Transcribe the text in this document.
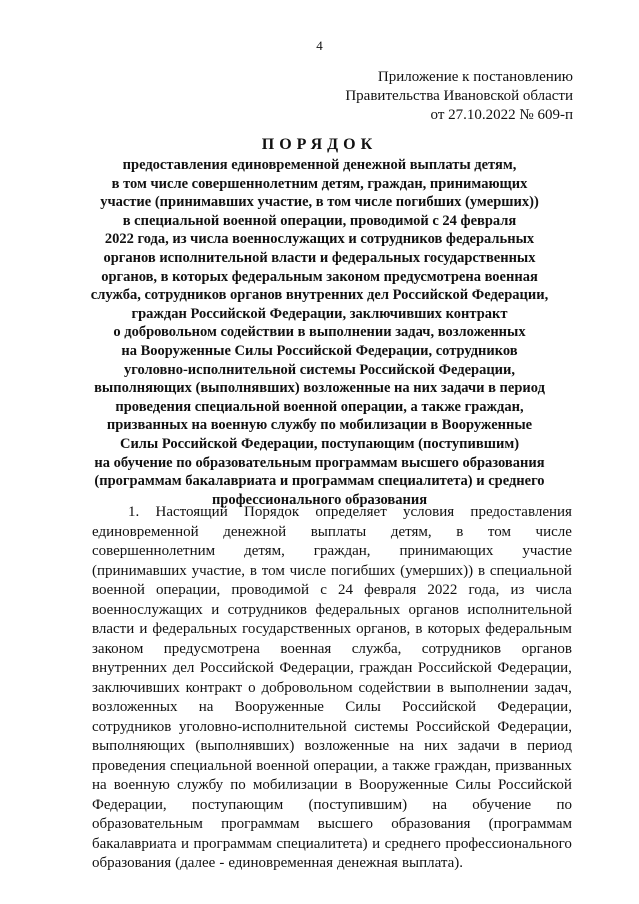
4
Приложение к постановлению
Правительства Ивановской области
от 27.10.2022 № 609-п
ПОРЯДОК
предоставления единовременной денежной выплаты детям,
в том числе совершеннолетним детям, граждан, принимающих
участие (принимавших участие, в том числе погибших (умерших))
в специальной военной операции, проводимой с 24 февраля
2022 года, из числа военнослужащих и сотрудников федеральных
органов исполнительной власти и федеральных государственных
органов, в которых федеральным законом предусмотрена военная
служба, сотрудников органов внутренних дел Российской Федерации,
граждан Российской Федерации, заключивших контракт
о добровольном содействии в выполнении задач, возложенных
на Вооруженные Силы Российской Федерации, сотрудников
уголовно-исполнительной системы Российской Федерации,
выполняющих (выполнявших) возложенные на них задачи в период
проведения специальной военной операции, а также граждан,
призванных на военную службу по мобилизации в Вооруженные
Силы Российской Федерации, поступающим (поступившим)
на обучение по образовательным программам высшего образования
(программам бакалавриата и программам специалитета) и среднего
профессионального образования
1. Настоящий Порядок определяет условия предоставления
единовременной денежной выплаты детям, в том числе
совершеннолетним детям, граждан, принимающих участие
(принимавших участие, в том числе погибших (умерших)) в специальной
военной операции, проводимой с 24 февраля 2022 года, из числа
военнослужащих и сотрудников федеральных органов исполнительной
власти и федеральных государственных органов, в которых федеральным
законом предусмотрена военная служба, сотрудников органов
внутренних дел Российской Федерации, граждан Российской Федерации,
заключивших контракт о добровольном содействии в выполнении задач,
возложенных на Вооруженные Силы Российской Федерации,
сотрудников уголовно-исполнительной системы Российской Федерации,
выполняющих (выполнявших) возложенные на них задачи в период
проведения специальной военной операции, а также граждан, призванных
на военную службу по мобилизации в Вооруженные Силы Российской
Федерации, поступающим (поступившим) на обучение по
образовательным программам высшего образования (программам
бакалавриата и программам специалитета) и среднего профессионального
образования (далее - единовременная денежная выплата).
